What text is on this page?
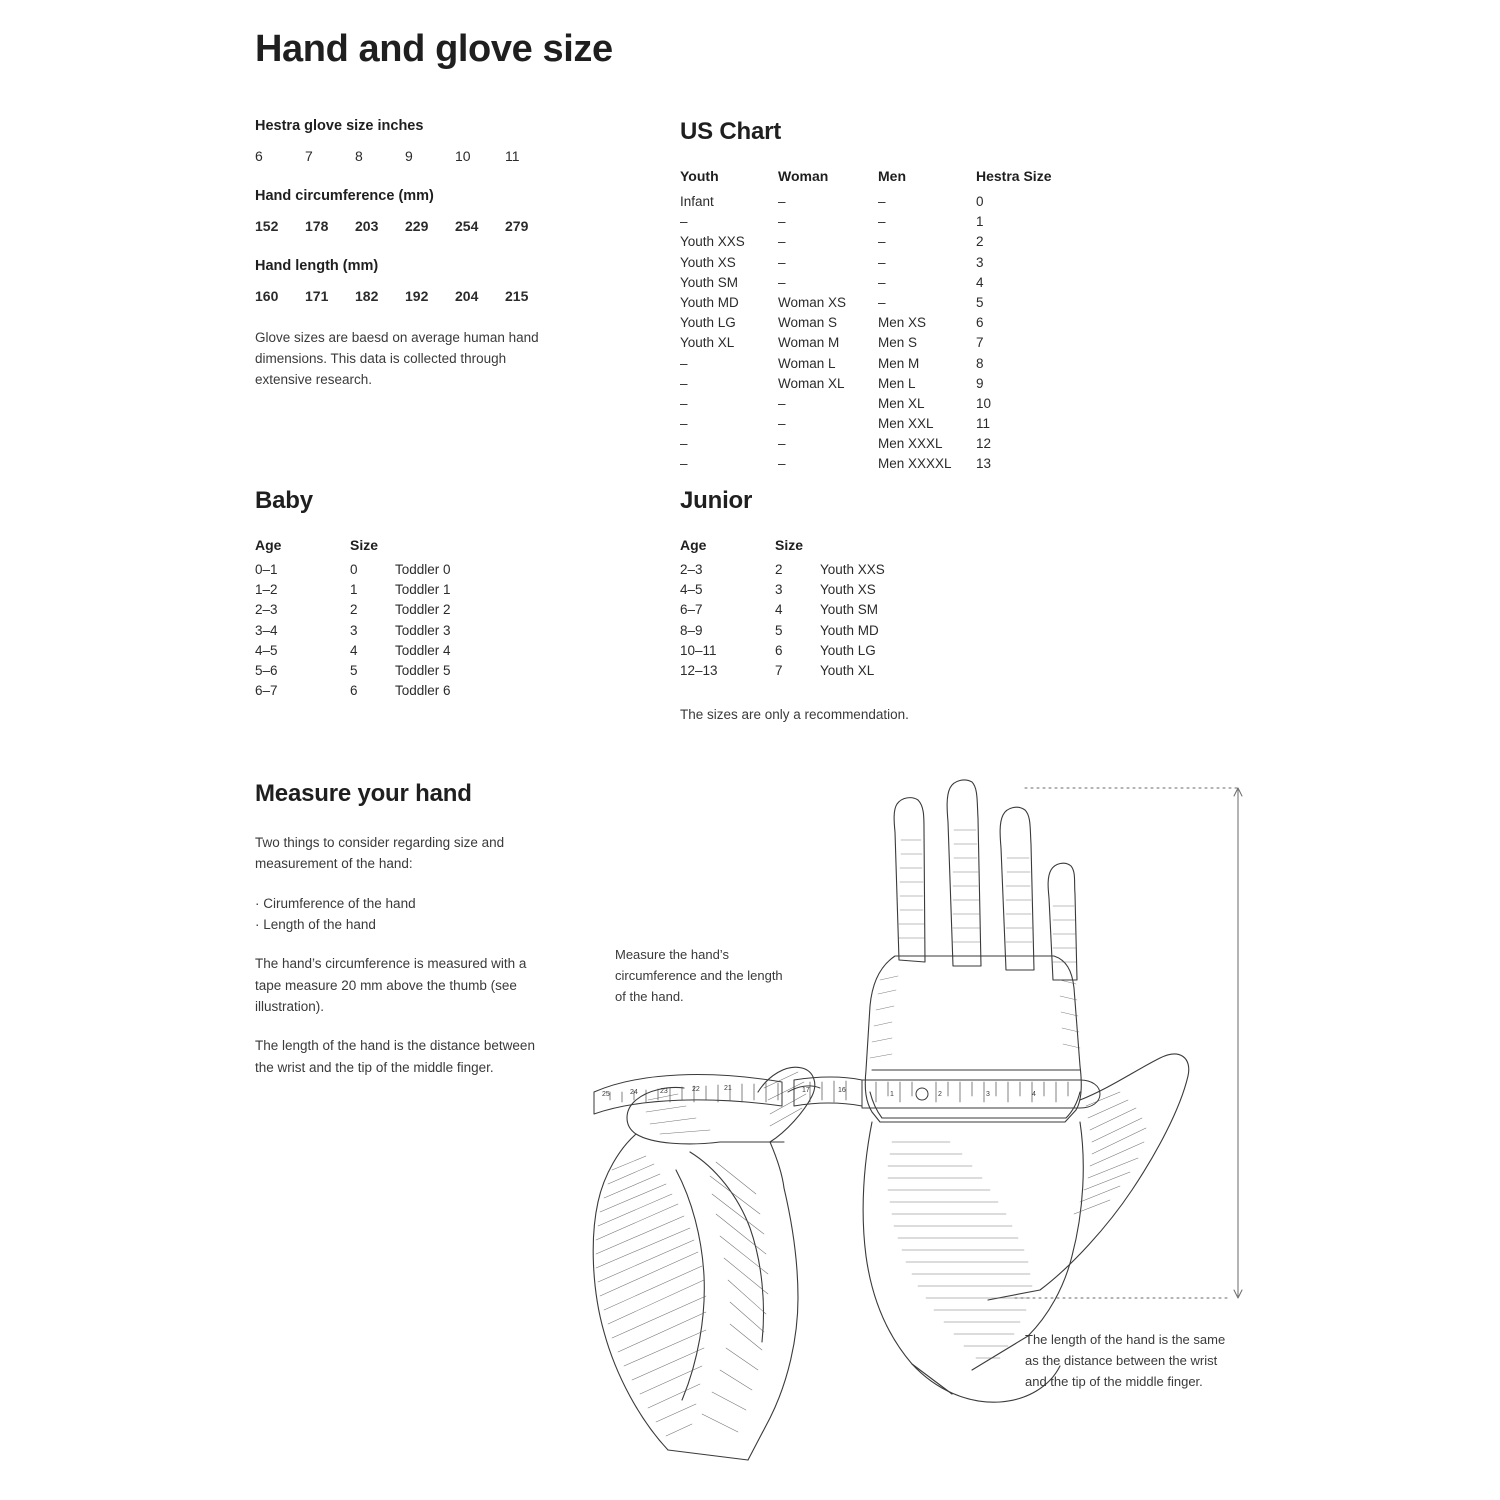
Hand and glove size
Hestra glove size inches
6	7	8	9	10	11
Hand circumference (mm)
152	178	203	229	254	279
Hand length (mm)
160	171	182	192	204	215
Glove sizes are baesd on average human hand dimensions. This data is collected through extensive research.
US Chart
Youth	Woman	Men	Hestra Size
Infant	–	–	0
–	–	–	1
Youth XXS	–	–	2
Youth XS	–	–	3
Youth SM	–	–	4
Youth MD	Woman XS	–	5
Youth LG	Woman S	Men XS	6
Youth XL	Woman M	Men S	7
–	Woman L	Men M	8
–	Woman XL	Men L	9
–	–	Men XL	10
–	–	Men XXL	11
–	–	Men XXXL	12
–	–	Men XXXXL	13
Baby
Age	Size	
0–1	0	Toddler 0
1–2	1	Toddler 1
2–3	2	Toddler 2
3–4	3	Toddler 3
4–5	4	Toddler 4
5–6	5	Toddler 5
6–7	6	Toddler 6
Junior
Age	Size	
2–3	2	Youth XXS
4–5	3	Youth XS
6–7	4	Youth SM
8–9	5	Youth MD
10–11	6	Youth LG
12–13	7	Youth XL
The sizes are only a recommendation.
Measure your hand
Two things to consider regarding size and measurement of the hand:
· Cirumference of the hand
· Length of the hand
The hand’s circumference is measured with a tape measure 20 mm above the thumb (see illustration).
The length of the hand is the distance between the wrist and the tip of the middle finger.
Measure the hand’s circumference and the length of the hand.
The length of the hand is the same as the distance between the wrist and the tip of the middle finger.
25	24	23	22	21	17	16
1	2	3	4
